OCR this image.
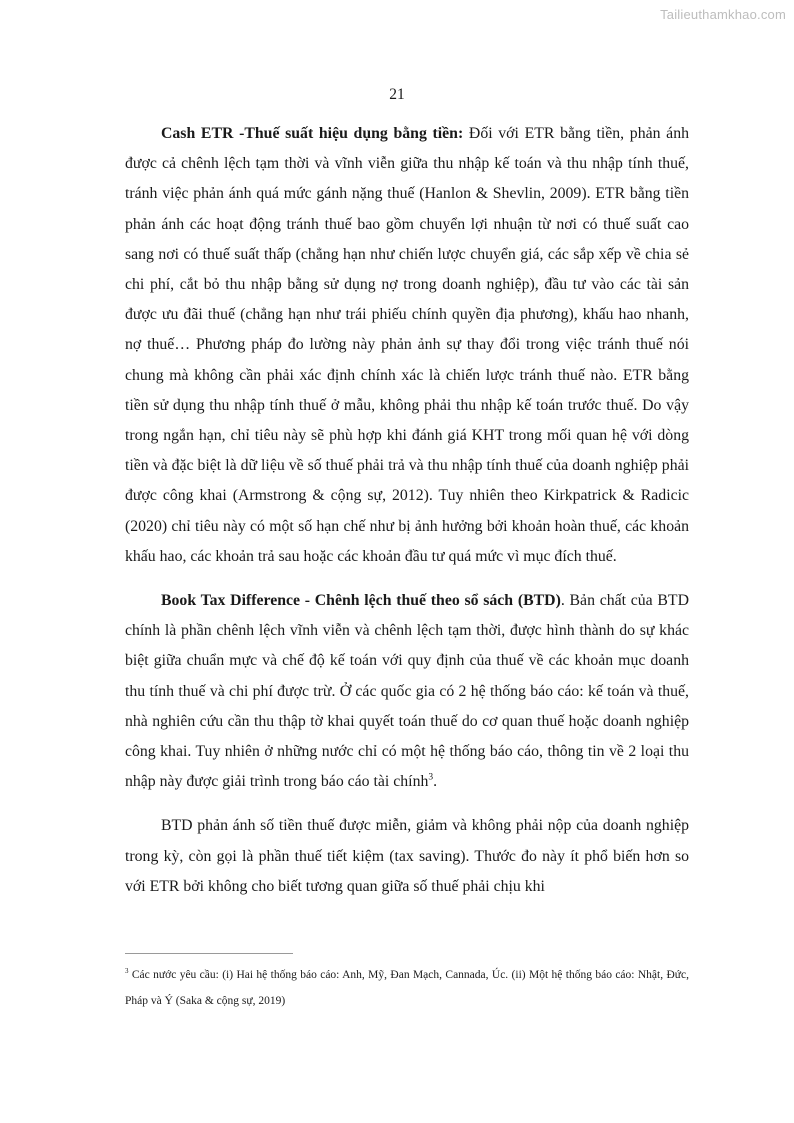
Tailieuthamkhao.com
21

Cash ETR -Thuế suất hiệu dụng bằng tiền: Đối với ETR bằng tiền, phản ánh được cả chênh lệch tạm thời và vĩnh viễn giữa thu nhập kế toán và thu nhập tính thuế, tránh việc phản ánh quá mức gánh nặng thuế (Hanlon & Shevlin, 2009). ETR bằng tiền phản ánh các hoạt động tránh thuế bao gồm chuyển lợi nhuận từ nơi có thuế suất cao sang nơi có thuế suất thấp (chẳng hạn như chiến lược chuyển giá, các sắp xếp về chia sẻ chi phí, cắt bỏ thu nhập bằng sử dụng nợ trong doanh nghiệp), đầu tư vào các tài sản được ưu đãi thuế (chẳng hạn như trái phiếu chính quyền địa phương), khấu hao nhanh, nợ thuế… Phương pháp đo lường này phản ảnh sự thay đổi trong việc tránh thuế nói chung mà không cần phải xác định chính xác là chiến lược tránh thuế nào. ETR bằng tiền sử dụng thu nhập tính thuế ở mẫu, không phải thu nhập kế toán trước thuế. Do vậy trong ngắn hạn, chỉ tiêu này sẽ phù hợp khi đánh giá KHT trong mối quan hệ với dòng tiền và đặc biệt là dữ liệu về số thuế phải trả và thu nhập tính thuế của doanh nghiệp phải được công khai (Armstrong & cộng sự, 2012). Tuy nhiên theo Kirkpatrick & Radicic (2020) chỉ tiêu này có một số hạn chế như bị ảnh hưởng bởi khoản hoàn thuế, các khoản khấu hao, các khoản trả sau hoặc các khoản đầu tư quá mức vì mục đích thuế.

Book Tax Difference - Chênh lệch thuế theo sổ sách (BTD). Bản chất của BTD chính là phần chênh lệch vĩnh viễn và chênh lệch tạm thời, được hình thành do sự khác biệt giữa chuẩn mực và chế độ kế toán với quy định của thuế về các khoản mục doanh thu tính thuế và chi phí được trừ. Ở các quốc gia có 2 hệ thống báo cáo: kế toán và thuế, nhà nghiên cứu cần thu thập tờ khai quyết toán thuế do cơ quan thuế hoặc doanh nghiệp công khai. Tuy nhiên ở những nước chỉ có một hệ thống báo cáo, thông tin về 2 loại thu nhập này được giải trình trong báo cáo tài chính$^3$.

BTD phản ánh số tiền thuế được miễn, giảm và không phải nộp của doanh nghiệp trong kỳ, còn gọi là phần thuế tiết kiệm (tax saving). Thước đo này ít phổ biến hơn so với ETR bởi không cho biết tương quan giữa số thuế phải chịu khi

$^3$ Các nước yêu cầu: (i) Hai hệ thống báo cáo: Anh, Mỹ, Đan Mạch, Cannada, Úc. (ii) Một hệ thống báo cáo: Nhật, Đức, Pháp và Ý (Saka & cộng sự, 2019)
